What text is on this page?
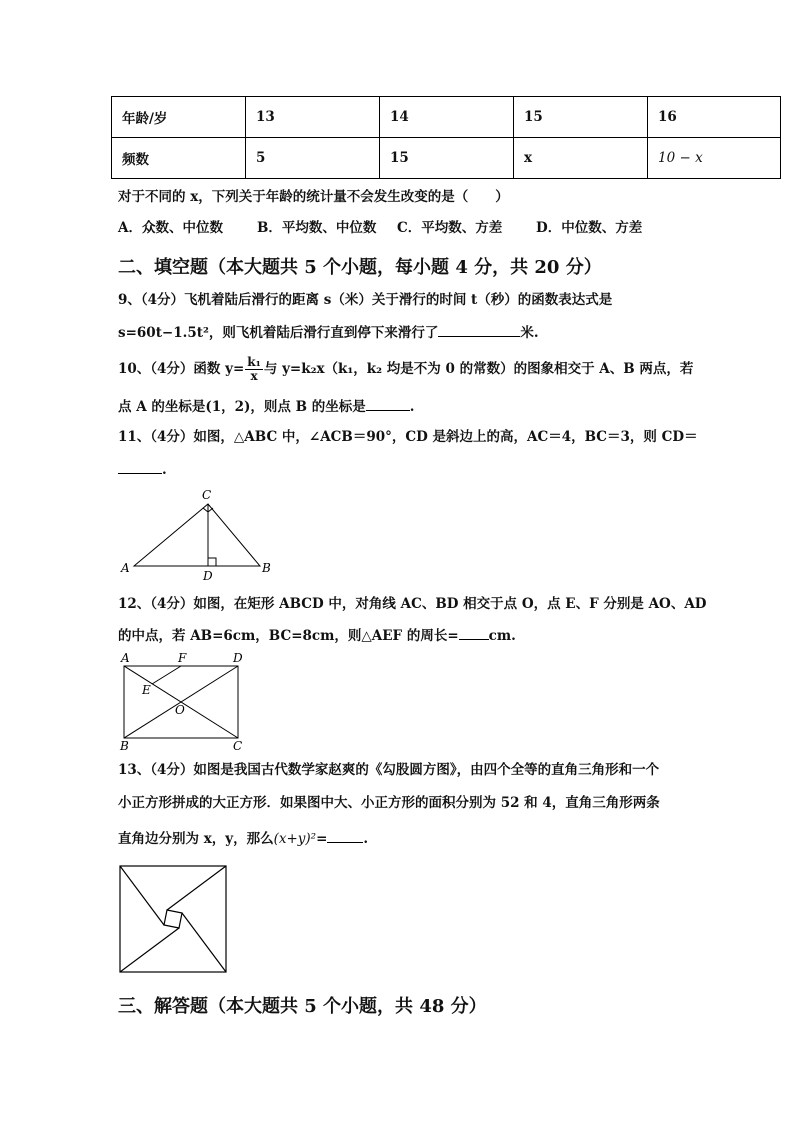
年龄/岁	13	14	15	16
频数	5	15	x	10 − x
对于不同的 x，下列关于年龄的统计量不会发生改变的是（　　）
A．众数、中位数	B．平均数、中位数 C．平均数、方差	D．中位数、方差
二、填空题（本大题共 5 个小题，每小题 4 分，共 20 分）
9、（4分）飞机着陆后滑行的距离 s（米）关于滑行的时间 t（秒）的函数表达式是
s=60t−1.5t²，则飞机着陆后滑行直到停下来滑行了	米.
10、（4分）函数 $y= \frac{\text{k₁}}{x}$ 与 y=k₂x（k₁，k₂ 均是不为 0 的常数）的图象相交于 A、B 两点，若
点 A 的坐标是(1，2)，则点 B 的坐标是	.
11、（4分）如图，△ABC 中，∠ACB＝90°，CD 是斜边上的高，AC＝4，BC＝3，则 CD＝
.
A	B
C
D
12、（4分）如图，在矩形 ABCD 中，对角线 AC、BD 相交于点 O，点 E、F 分别是 AO、AD
的中点，若 AB=6cm，BC=8cm，则△AEF 的周长= cm.
A	F	D
E
O
B	C
13、（4分）如图是我国古代数学家赵爽的《勾股圆方图》，由四个全等的直角三角形和一个
小正方形拼成的大正方形．如果图中大、小正方形的面积分别为 52 和 4，直角三角形两条
直角边分别为 x，y，那么(x+y)²=	.
三、解答题（本大题共 5 个小题，共 48 分）
